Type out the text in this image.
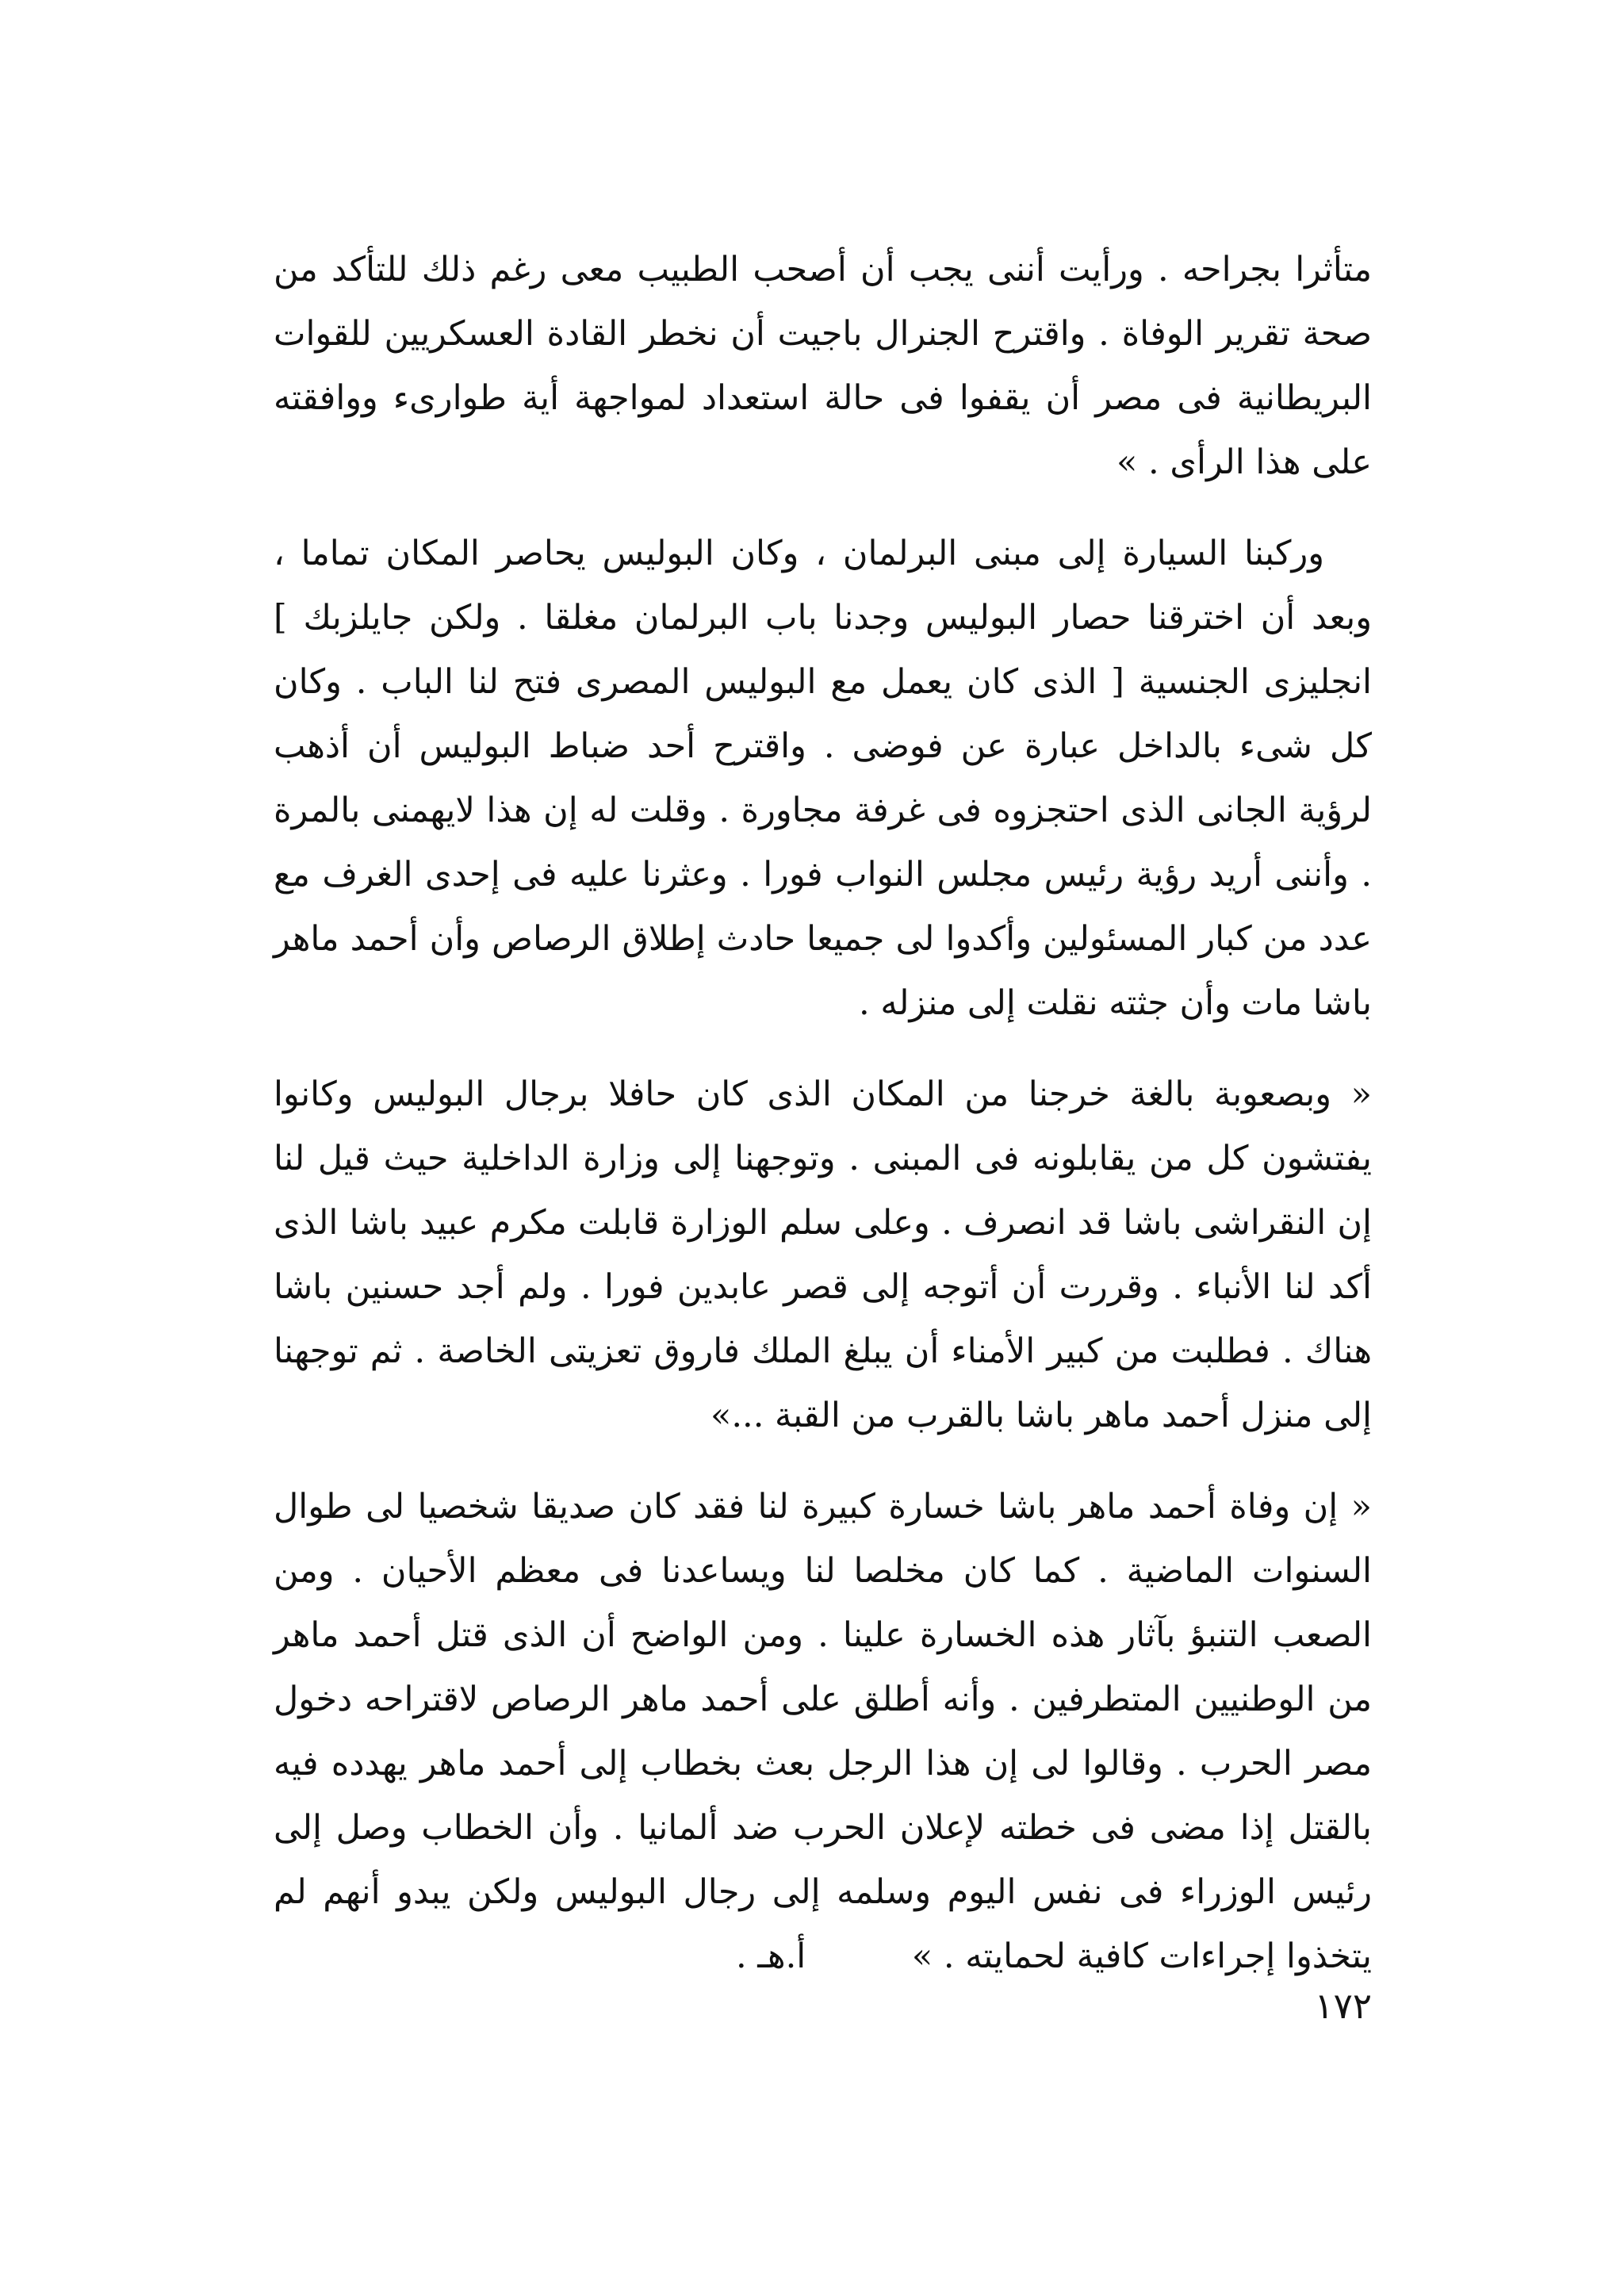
متأثرا بجراحه . ورأيت أننى يجب أن أصحب الطبيب معى رغم ذلك للتأكد من صحة تقرير الوفاة . واقترح الجنرال باجيت أن نخطر القادة العسكريين للقوات البريطانية فى مصر أن يقفوا فى حالة استعداد لمواجهة أية طوارىء ووافقته على هذا الرأى . »

وركبنا السيارة إلى مبنى البرلمان ، وكان البوليس يحاصر المكان تماما ، وبعد أن اخترقنا حصار البوليس وجدنا باب البرلمان مغلقا . ولكن جايلزبك ] انجليزى الجنسية [ الذى كان يعمل مع البوليس المصرى فتح لنا الباب . وكان كل شىء بالداخل عبارة عن فوضى . واقترح أحد ضباط البوليس أن أذهب لرؤية الجانى الذى احتجزوه فى غرفة مجاورة . وقلت له إن هذا لايهمنى بالمرة . وأننى أريد رؤية رئيس مجلس النواب فورا . وعثرنا عليه فى إحدى الغرف مع عدد من كبار المسئولين وأكدوا لى جميعا حادث إطلاق الرصاص وأن أحمد ماهر باشا مات وأن جثته نقلت إلى منزله .

« وبصعوبة بالغة خرجنا من المكان الذى كان حافلا برجال البوليس وكانوا يفتشون كل من يقابلونه فى المبنى . وتوجهنا إلى وزارة الداخلية حيث قيل لنا إن النقراشى باشا قد انصرف . وعلى سلم الوزارة قابلت مكرم عبيد باشا الذى أكد لنا الأنباء . وقررت أن أتوجه إلى قصر عابدين فورا . ولم أجد حسنين باشا هناك . فطلبت من كبير الأمناء أن يبلغ الملك فاروق تعزيتى الخاصة . ثم توجهنا إلى منزل أحمد ماهر باشا بالقرب من القبة ...»

« إن وفاة أحمد ماهر باشا خسارة كبيرة لنا فقد كان صديقا شخصيا لى طوال السنوات الماضية . كما كان مخلصا لنا ويساعدنا فى معظم الأحيان . ومن الصعب التنبؤ بآثار هذه الخسارة علينا . ومن الواضح أن الذى قتل أحمد ماهر من الوطنيين المتطرفين . وأنه أطلق على أحمد ماهر الرصاص لاقتراحه دخول مصر الحرب . وقالوا لى إن هذا الرجل بعث بخطاب إلى أحمد ماهر يهدده فيه بالقتل إذا مضى فى خطته لإعلان الحرب ضد ألمانيا . وأن الخطاب وصل إلى رئيس الوزراء فى نفس اليوم وسلمه إلى رجال البوليس ولكن يبدو أنهم لم يتخذوا إجراءات كافية لحمايته . » أ.هـ .

١٧٢
